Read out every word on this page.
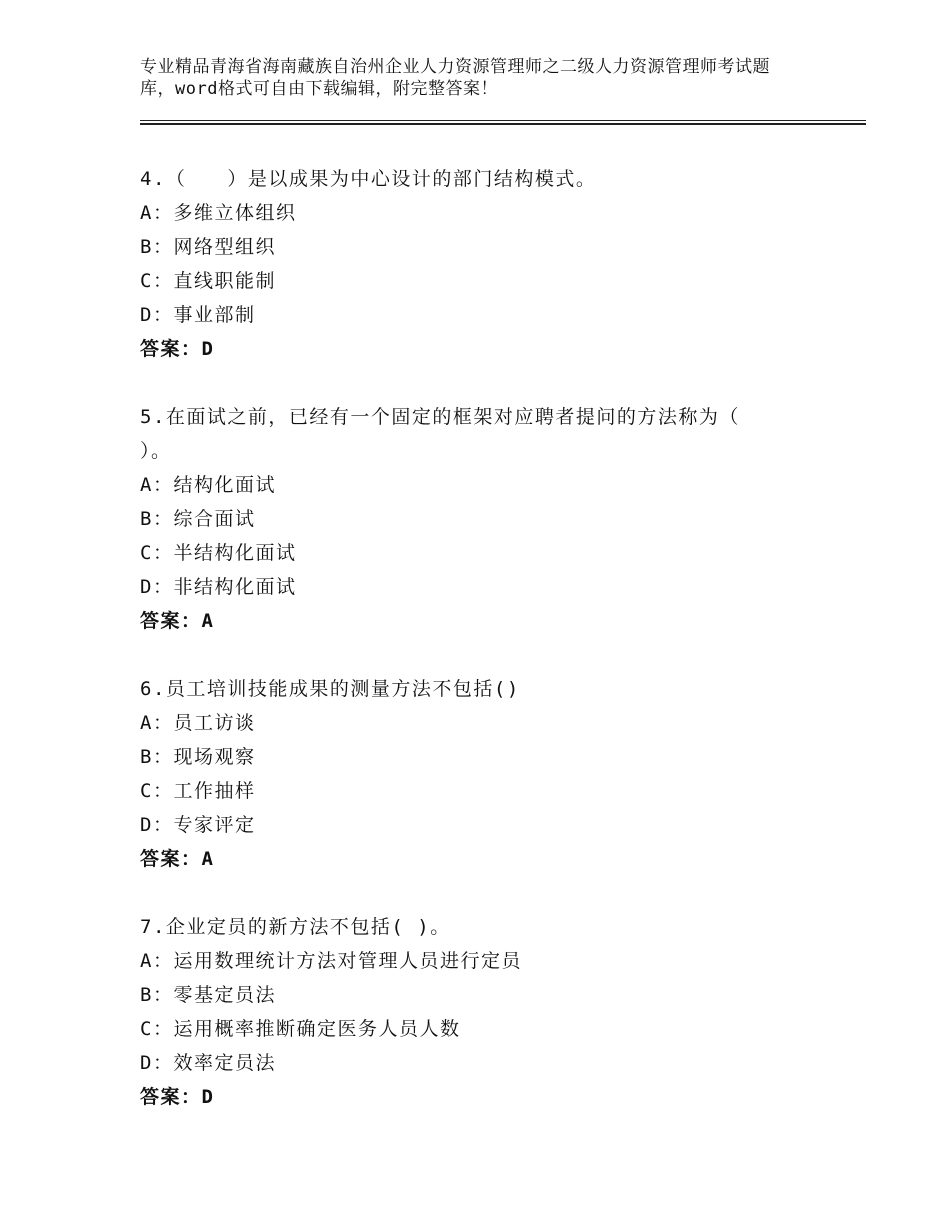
专业精品青海省海南藏族自治州企业人力资源管理师之二级人力资源管理师考试题
库，word格式可自由下载编辑，附完整答案！

4.（　　）是以成果为中心设计的部门结构模式。

A：多维立体组织

B：网络型组织

C：直线职能制

D：事业部制

答案：D

5.在面试之前，已经有一个固定的框架对应聘者提问的方法称为（

）。

A：结构化面试

B：综合面试

C：半结构化面试

D：非结构化面试

答案：A

6.员工培训技能成果的测量方法不包括()

A：员工访谈

B：现场观察

C：工作抽样

D：专家评定

答案：A

7.企业定员的新方法不包括( )。

A：运用数理统计方法对管理人员进行定员

B：零基定员法

C：运用概率推断确定医务人员人数

D：效率定员法

答案：D
